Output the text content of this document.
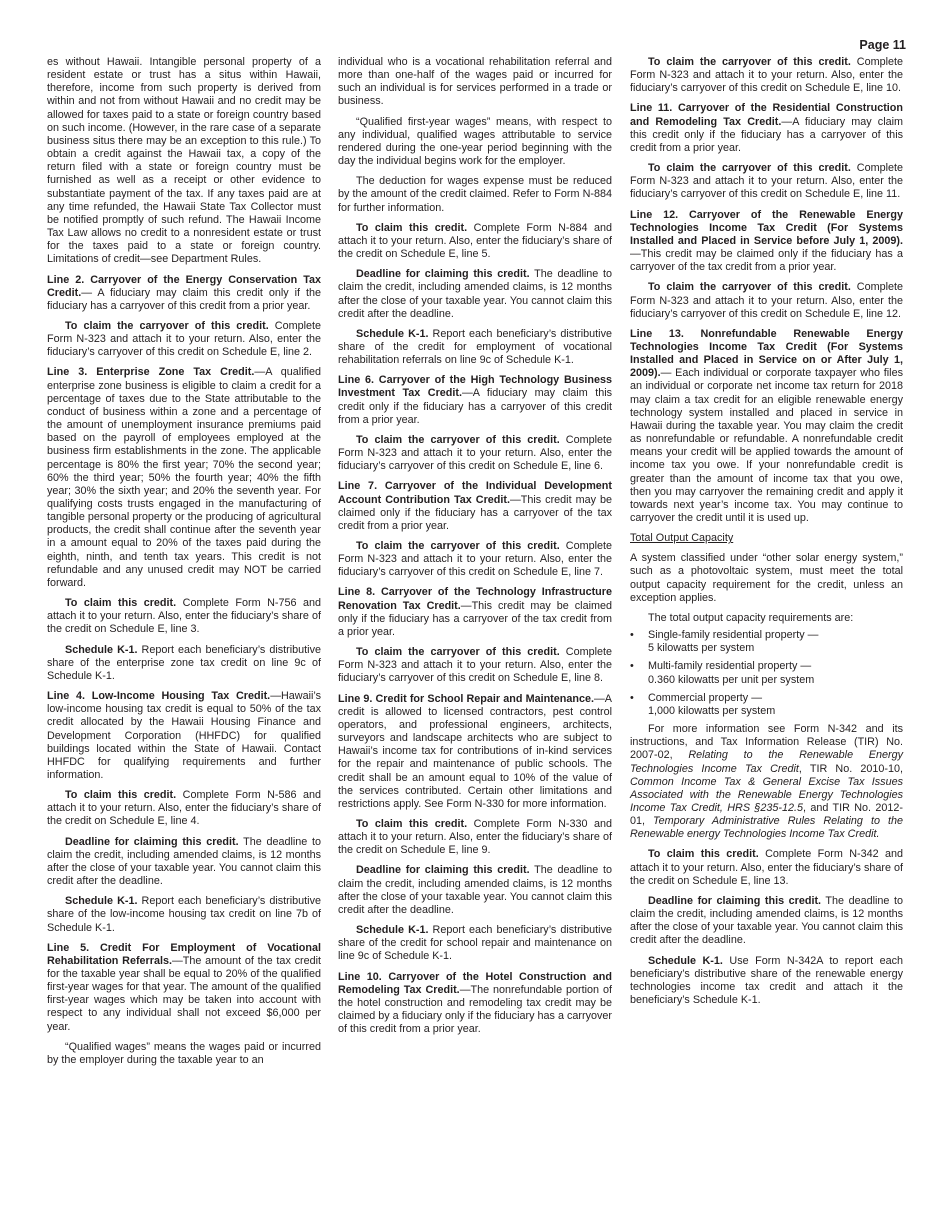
Page 11

es without Hawaii. Intangible personal property of a resident estate or trust has a situs within Hawaii, therefore, income from such property is derived from within and not from without Hawaii and no credit may be allowed for taxes paid to a state or foreign country based on such income. (However, in the rare case of a separate business situs there may be an exception to this rule.) To obtain a credit against the Hawaii tax, a copy of the return filed with a state or foreign country must be furnished as well as a receipt or other evidence to substantiate payment of the tax. If any taxes paid are at any time refunded, the Hawaii State Tax Collector must be notified promptly of such refund. The Hawaii Income Tax Law allows no credit to a nonresident estate or trust for the taxes paid to a state or foreign country. Limitations of credit—see Department Rules.

Line 2. Carryover of the Energy Conservation Tax Credit.— A fiduciary may claim this credit only if the fiduciary has a carryover of this credit from a prior year.

To claim the carryover of this credit. Complete Form N-323 and attach it to your return. Also, enter the fiduciary’s carryover of this credit on Schedule E, line 2.

Line 3. Enterprise Zone Tax Credit.—A qualified enterprise zone business is eligible to claim a credit for a percentage of taxes due to the State attributable to the conduct of business within a zone and a percentage of the amount of unemployment insurance premiums paid based on the payroll of employees employed at the business firm establishments in the zone. The applicable percentage is 80% the first year; 70% the second year; 60% the third year; 50% the fourth year; 40% the fifth year; 30% the sixth year; and 20% the seventh year. For qualifying costs trusts engaged in the manufacturing of tangible personal property or the producing of agricultural products, the credit shall continue after the seventh year in a amount equal to 20% of the taxes paid during the eighth, ninth, and tenth tax years. This credit is not refundable and any unused credit may NOT be carried forward.

To claim this credit. Complete Form N-756 and attach it to your return. Also, enter the fiduciary’s share of the credit on Schedule E, line 3.

Schedule K-1. Report each beneficiary’s distributive share of the enterprise zone tax credit on line 9c of Schedule K-1.

Line 4. Low-Income Housing Tax Credit.—Hawaii’s low-income housing tax credit is equal to 50% of the tax credit allocated by the Hawaii Housing Finance and Development Corporation (HHFDC) for qualified buildings located within the State of Hawaii. Contact HHFDC for qualifying requirements and further information.

To claim this credit. Complete Form N-586 and attach it to your return. Also, enter the fiduciary’s share of the credit on Schedule E, line 4.

Deadline for claiming this credit. The deadline to claim the credit, including amended claims, is 12 months after the close of your taxable year. You cannot claim this credit after the deadline.

Schedule K-1. Report each beneficiary’s distributive share of the low-income housing tax credit on line 7b of Schedule K-1.

Line 5. Credit For Employment of Vocational Rehabilitation Referrals.—The amount of the tax credit for the taxable year shall be equal to 20% of the qualified first-year wages for that year. The amount of the qualified first-year wages which may be taken into account with respect to any individual shall not exceed $6,000 per year.

“Qualified wages” means the wages paid or incurred by the employer during the taxable year to an

individual who is a vocational rehabilitation referral and more than one-half of the wages paid or incurred for such an individual is for services performed in a trade or business.

“Qualified first-year wages” means, with respect to any individual, qualified wages attributable to service rendered during the one-year period beginning with the day the individual begins work for the employer.

The deduction for wages expense must be reduced by the amount of the credit claimed. Refer to Form N-884 for further information.

To claim this credit. Complete Form N-884 and attach it to your return. Also, enter the fiduciary’s share of the credit on Schedule E, line 5.

Deadline for claiming this credit. The deadline to claim the credit, including amended claims, is 12 months after the close of your taxable year. You cannot claim this credit after the deadline.

Schedule K-1. Report each beneficiary’s distributive share of the credit for employment of vocational rehabilitation referrals on line 9c of Schedule K-1.

Line 6. Carryover of the High Technology Business Investment Tax Credit.—A fiduciary may claim this credit only if the fiduciary has a carryover of this credit from a prior year.

To claim the carryover of this credit. Complete Form N-323 and attach it to your return. Also, enter the fiduciary’s carryover of this credit on Schedule E, line 6.

Line 7. Carryover of the Individual Development Account Contribution Tax Credit.—This credit may be claimed only if the fiduciary has a carryover of the tax credit from a prior year.

To claim the carryover of this credit. Complete Form N-323 and attach it to your return. Also, enter the fiduciary’s carryover of this credit on Schedule E, line 7.

Line 8. Carryover of the Technology Infrastructure Renovation Tax Credit.—This credit may be claimed only if the fiduciary has a carryover of the tax credit from a prior year.

To claim the carryover of this credit. Complete Form N-323 and attach it to your return. Also, enter the fiduciary’s carryover of this credit on Schedule E, line 8.

Line 9. Credit for School Repair and Maintenance.—A credit is allowed to licensed contractors, pest control operators, and professional engineers, architects, surveyors and landscape architects who are subject to Hawaii’s income tax for contributions of in-kind services for the repair and maintenance of public schools. The credit shall be an amount equal to 10% of the value of the services contributed. Certain other limitations and restrictions apply. See Form N-330 for more information.

To claim this credit. Complete Form N-330 and attach it to your return. Also, enter the fiduciary’s share of the credit on Schedule E, line 9.

Deadline for claiming this credit. The deadline to claim the credit, including amended claims, is 12 months after the close of your taxable year. You cannot claim this credit after the deadline.

Schedule K-1. Report each beneficiary’s distributive share of the credit for school repair and maintenance on line 9c of Schedule K-1.

Line 10. Carryover of the Hotel Construction and Remodeling Tax Credit.—The nonrefundable portion of the hotel construction and remodeling tax credit may be claimed by a fiduciary only if the fiduciary has a carryover of this credit from a prior year.

To claim the carryover of this credit. Complete Form N-323 and attach it to your return. Also, enter the fiduciary’s carryover of this credit on Schedule E, line 10.

Line 11. Carryover of the Residential Construction and Remodeling Tax Credit.—A fiduciary may claim this credit only if the fiduciary has a carryover of this credit from a prior year.

To claim the carryover of this credit. Complete Form N-323 and attach it to your return. Also, enter the fiduciary’s carryover of this credit on Schedule E, line 11.

Line 12. Carryover of the Renewable Energy Technologies Income Tax Credit (For Systems Installed and Placed in Service before July 1, 2009).—This credit may be claimed only if the fiduciary has a carryover of the tax credit from a prior year.

To claim the carryover of this credit. Complete Form N-323 and attach it to your return. Also, enter the fiduciary’s carryover of this credit on Schedule E, line 12.

Line 13. Nonrefundable Renewable Energy Technologies Income Tax Credit (For Systems Installed and Placed in Service on or After July 1, 2009).— Each individual or corporate taxpayer who files an individual or corporate net income tax return for 2018 may claim a tax credit for an eligible renewable energy technology system installed and placed in service in Hawaii during the taxable year. You may claim the credit as nonrefundable or refundable. A nonrefundable credit means your credit will be applied towards the amount of income tax you owe. If your nonrefundable credit is greater than the amount of income tax that you owe, then you may carryover the remaining credit and apply it towards next year’s income tax. You may continue to carryover the credit until it is used up.

Total Output Capacity

A system classified under “other solar energy system,” such as a photovoltaic system, must meet the total output capacity requirement for the credit, unless an exception applies.

The total output capacity requirements are:

• Single-family residential property —
5 kilowatts per system
• Multi-family residential property —
0.360 kilowatts per unit per system
• Commercial property —
1,000 kilowatts per system

For more information see Form N-342 and its instructions, and Tax Information Release (TIR) No. 2007-02, Relating to the Renewable Energy Technologies Income Tax Credit, TIR No. 2010-10, Common Income Tax & General Excise Tax Issues Associated with the Renewable Energy Technologies Income Tax Credit, HRS §235-12.5, and TIR No. 2012-01, Temporary Administrative Rules Relating to the Renewable energy Technologies Income Tax Credit.

To claim this credit. Complete Form N-342 and attach it to your return. Also, enter the fiduciary’s share of the credit on Schedule E, line 13.

Deadline for claiming this credit. The deadline to claim the credit, including amended claims, is 12 months after the close of your taxable year. You cannot claim this credit after the deadline.

Schedule K-1. Use Form N-342A to report each beneficiary’s distributive share of the renewable energy technologies income tax credit and attach it the beneficiary’s Schedule K-1.
